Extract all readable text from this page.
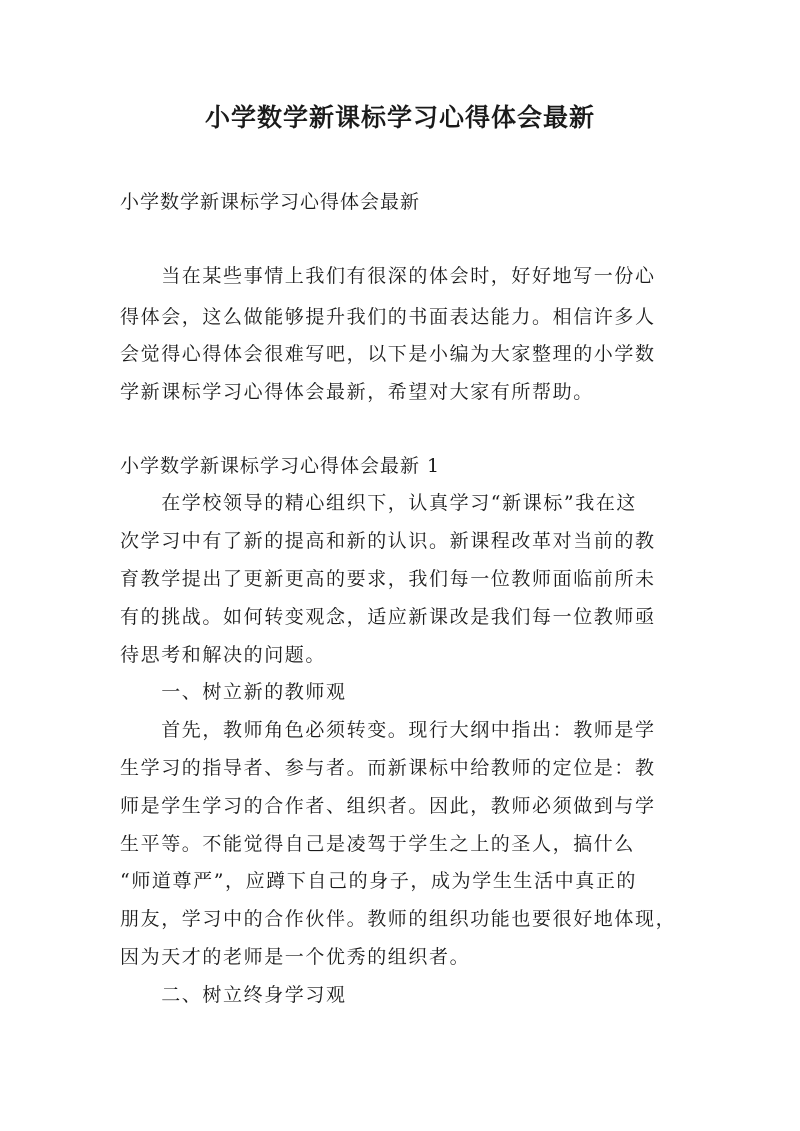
小学数学新课标学习心得体会最新

小学数学新课标学习心得体会最新

　　当在某些事情上我们有很深的体会时，好好地写一份心

得体会，这么做能够提升我们的书面表达能力。相信许多人

会觉得心得体会很难写吧，以下是小编为大家整理的小学数

学新课标学习心得体会最新，希望对大家有所帮助。

小学数学新课标学习心得体会最新 1

　　在学校领导的精心组织下，认真学习“新课标”我在这

次学习中有了新的提高和新的认识。新课程改革对当前的教

育教学提出了更新更高的要求，我们每一位教师面临前所未

有的挑战。如何转变观念，适应新课改是我们每一位教师亟

待思考和解决的问题。

　　一、树立新的教师观

　　首先，教师角色必须转变。现行大纲中指出：教师是学

生学习的指导者、参与者。而新课标中给教师的定位是：教

师是学生学习的合作者、组织者。因此，教师必须做到与学

生平等。不能觉得自己是凌驾于学生之上的圣人，搞什么

“师道尊严”，应蹲下自己的身子，成为学生生活中真正的

朋友，学习中的合作伙伴。教师的组织功能也要很好地体现，

因为天才的老师是一个优秀的组织者。

　　二、树立终身学习观
